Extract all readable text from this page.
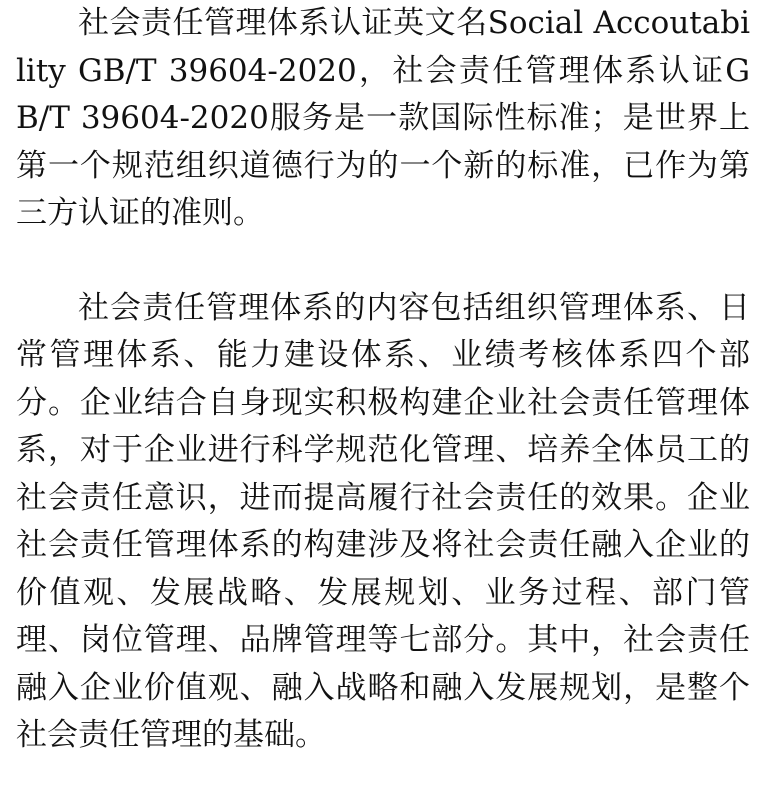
社会责任管理体系认证英文名Social Accoutability GB/T 39604-2020，社会责任管理体系认证GB/T 39604-2020服务是一款国际性标准；是世界上第一个规范组织道德行为的一个新的标准，已作为第三方认证的准则。

社会责任管理体系的内容包括组织管理体系、日常管理体系、能力建设体系、业绩考核体系四个部分。企业结合自身现实积极构建企业社会责任管理体系，对于企业进行科学规范化管理、培养全体员工的社会责任意识，进而提高履行社会责任的效果。企业社会责任管理体系的构建涉及将社会责任融入企业的价值观、发展战略、发展规划、业务过程、部门管理、岗位管理、品牌管理等七部分。其中，社会责任融入企业价值观、融入战略和融入发展规划，是整个社会责任管理的基础。
